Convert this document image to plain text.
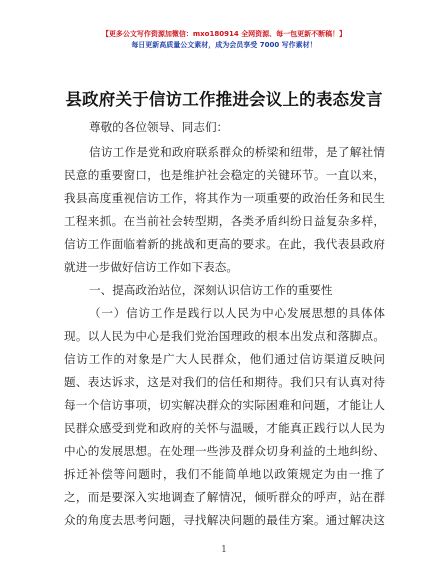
【更多公文写作资源加微信：mxo180914 全网资源、每一包更新不断稿！】
每日更新高质量公文素材，成为会员享受 7000 写作素材！
县政府关于信访工作推进会议上的表态发言
尊敬的各位领导、同志们：
信访工作是党和政府联系群众的桥梁和纽带，是了解社情
民意的重要窗口，也是维护社会稳定的关键环节。一直以来，
我县高度重视信访工作，将其作为一项重要的政治任务和民生
工程来抓。在当前社会转型期，各类矛盾纠纷日益复杂多样，
信访工作面临着新的挑战和更高的要求。在此，我代表县政府
就进一步做好信访工作如下表态。
一、提高政治站位，深刻认识信访工作的重要性
（一）信访工作是践行以人民为中心发展思想的具体体
现。以人民为中心是我们党治国理政的根本出发点和落脚点。
信访工作的对象是广大人民群众，他们通过信访渠道反映问
题、表达诉求，这是对我们的信任和期待。我们只有认真对待
每一个信访事项，切实解决群众的实际困难和问题，才能让人
民群众感受到党和政府的关怀与温暖，才能真正践行以人民为
中心的发展思想。在处理一些涉及群众切身利益的土地纠纷、
拆迁补偿等问题时，我们不能简单地以政策规定为由一推了
之，而是要深入实地调查了解情况，倾听群众的呼声，站在群
众的角度去思考问题，寻找解决问题的最佳方案。通过解决这
1
